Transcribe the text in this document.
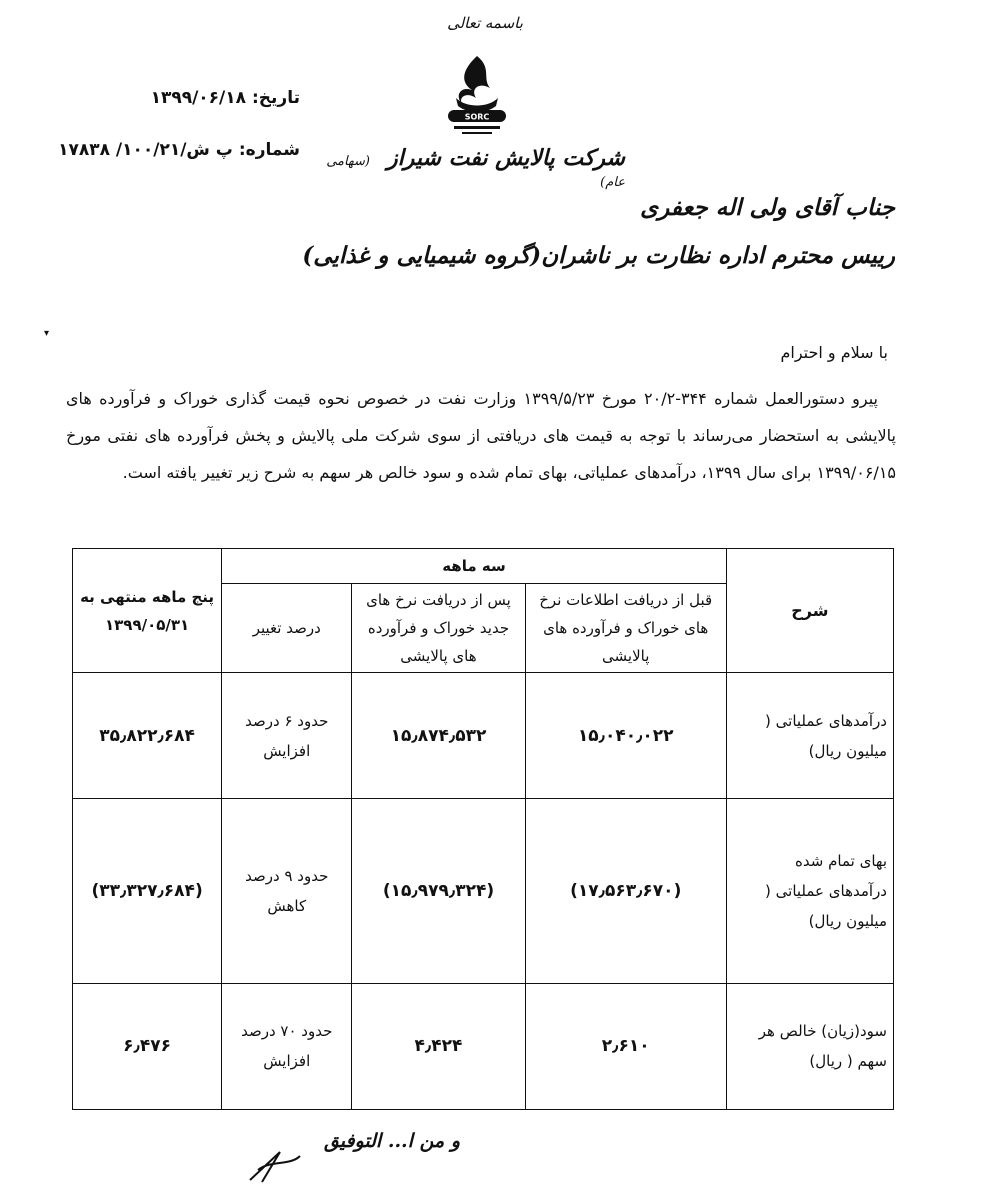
باسمه تعالی
SORC
شرکت پالایش نفت شیراز (سهامی عام)
تاریخ:۱۳۹۹/۰۶/۱۸
شماره:پ ش/۱۰۰/۲۱/ ۱۷۸۳۸
جناب آقای ولی اله جعفری
رییس محترم اداره نظارت بر ناشران(گروه شیمیایی و غذایی)
▾
با سلام و احترام

پیرو دستورالعمل شماره ۳۴۴-۲۰/۲ مورخ ۱۳۹۹/۵/۲۳ وزارت نفت در خصوص نحوه قیمت گذاری خوراک و فرآورده های پالایشی به استحضار می‌رساند با توجه به قیمت های دریافتی از سوی شرکت ملی پالایش و پخش فرآورده های نفتی مورخ ۱۳۹۹/۰۶/۱۵ برای سال ۱۳۹۹، درآمدهای عملیاتی، بهای تمام شده و سود خالص هر سهم به شرح زیر تغییر یافته است.

شرح	سه ماهه			پنج ماهه منتهی به ۱۳۹۹/۰۵/۳۱
	قبل از دریافت اطلاعات نرخ های خوراک و فرآورده های پالایشی	پس از دریافت نرخ های جدید خوراک و فرآورده های پالایشی	درصد تغییر	
درآمدهای عملیاتی ( میلیون ریال)	۱۵٫۰۴۰٫۰۲۲	۱۵٫۸۷۴٫۵۳۲	حدود ۶ درصد افزایش	۳۵٫۸۲۲٫۶۸۴
بهای تمام شده درآمدهای عملیاتی ( میلیون ریال)	(۱۷٫۵۶۳٫۶۷۰)	(۱۵٫۹۷۹٫۳۲۴)	حدود ۹ درصد کاهش	(۳۳٫۳۲۷٫۶۸۴)
سود(زیان) خالص هر سهم ( ریال)	۲٫۶۱۰	۴٫۴۲۴	حدود ۷۰ درصد افزایش	۶٫۴۷۶
و من ا... التوفیق
